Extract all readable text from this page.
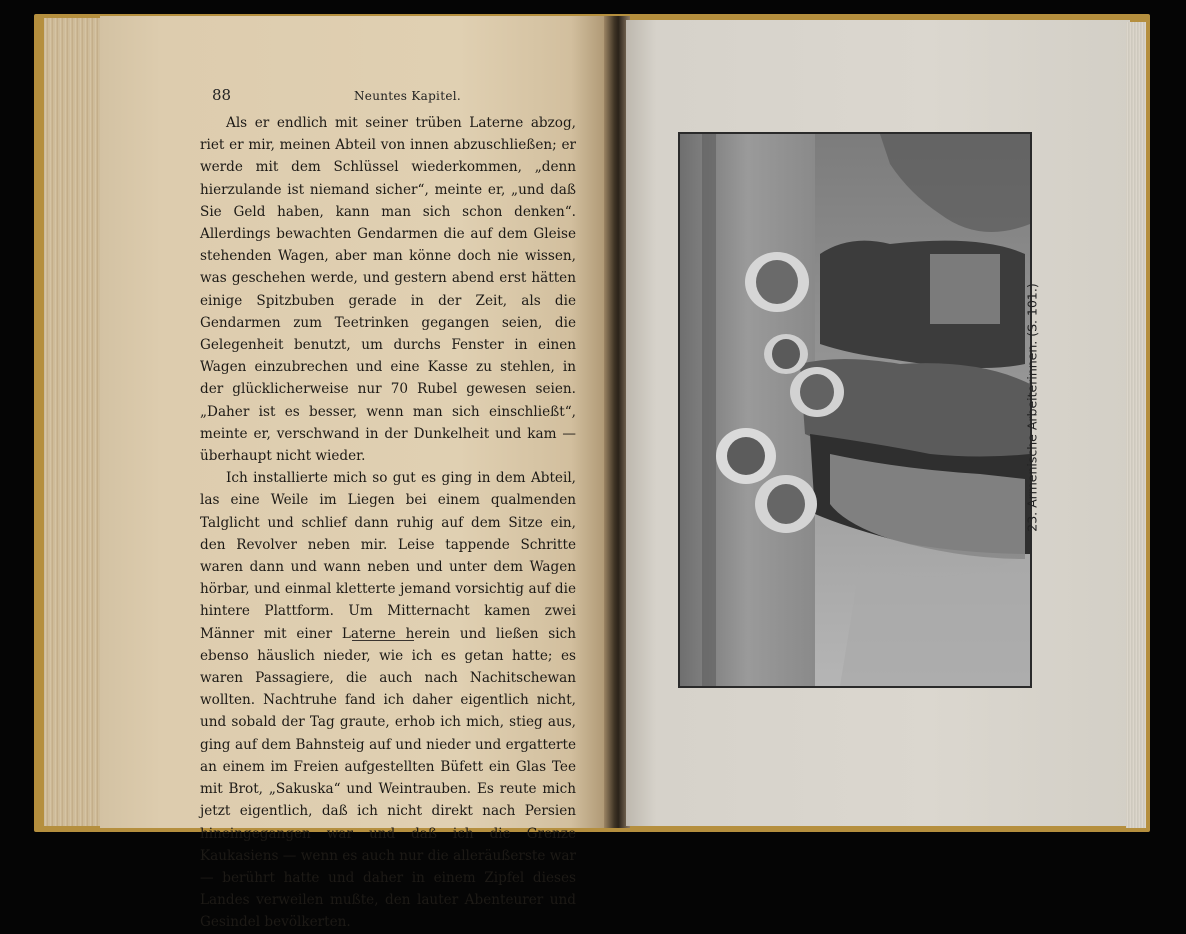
88	Neuntes Kapitel.

Als er endlich mit seiner trüben Laterne abzog, riet er mir, meinen Abteil von innen abzuschließen; er werde mit dem Schlüssel wiederkommen, „denn hierzulande ist niemand sicher“, meinte er, „und daß Sie Geld haben, kann man sich schon denken“. Allerdings bewachten Gendarmen die auf dem Gleise stehenden Wagen, aber man könne doch nie wissen, was geschehen werde, und gestern abend erst hätten einige Spitzbuben gerade in der Zeit, als die Gendarmen zum Teetrinken gegangen seien, die Gelegenheit benutzt, um durchs Fenster in einen Wagen einzubrechen und eine Kasse zu stehlen, in der glücklicherweise nur 70 Rubel gewesen seien. „Daher ist es besser, wenn man sich einschließt“, meinte er, verschwand in der Dunkelheit und kam — überhaupt nicht wieder.

Ich installierte mich so gut es ging in dem Abteil, las eine Weile im Liegen bei einem qualmenden Talglicht und schlief dann ruhig auf dem Sitze ein, den Revolver neben mir. Leise tappende Schritte waren dann und wann neben und unter dem Wagen hörbar, und einmal kletterte jemand vorsichtig auf die hintere Plattform. Um Mitternacht kamen zwei Männer mit einer Laterne herein und ließen sich ebenso häuslich nieder, wie ich es getan hatte; es waren Passagiere, die auch nach Nachitschewan wollten. Nachtruhe fand ich daher eigentlich nicht, und sobald der Tag graute, erhob ich mich, stieg aus, ging auf dem Bahnsteig auf und nieder und ergatterte an einem im Freien aufgestellten Büfett ein Glas Tee mit Brot, „Sakuska“ und Weintrauben. Es reute mich jetzt eigentlich, daß ich nicht direkt nach Persien hineingegangen war und daß ich die Grenze Kaukasiens — wenn es auch nur die alleräußerste war — berührt hatte und daher in einem Zipfel dieses Landes verweilen mußte, den lauter Abenteurer und Gesindel bevölkerten.

23. Armenische Arbeiterinnen. (S. 101.)
